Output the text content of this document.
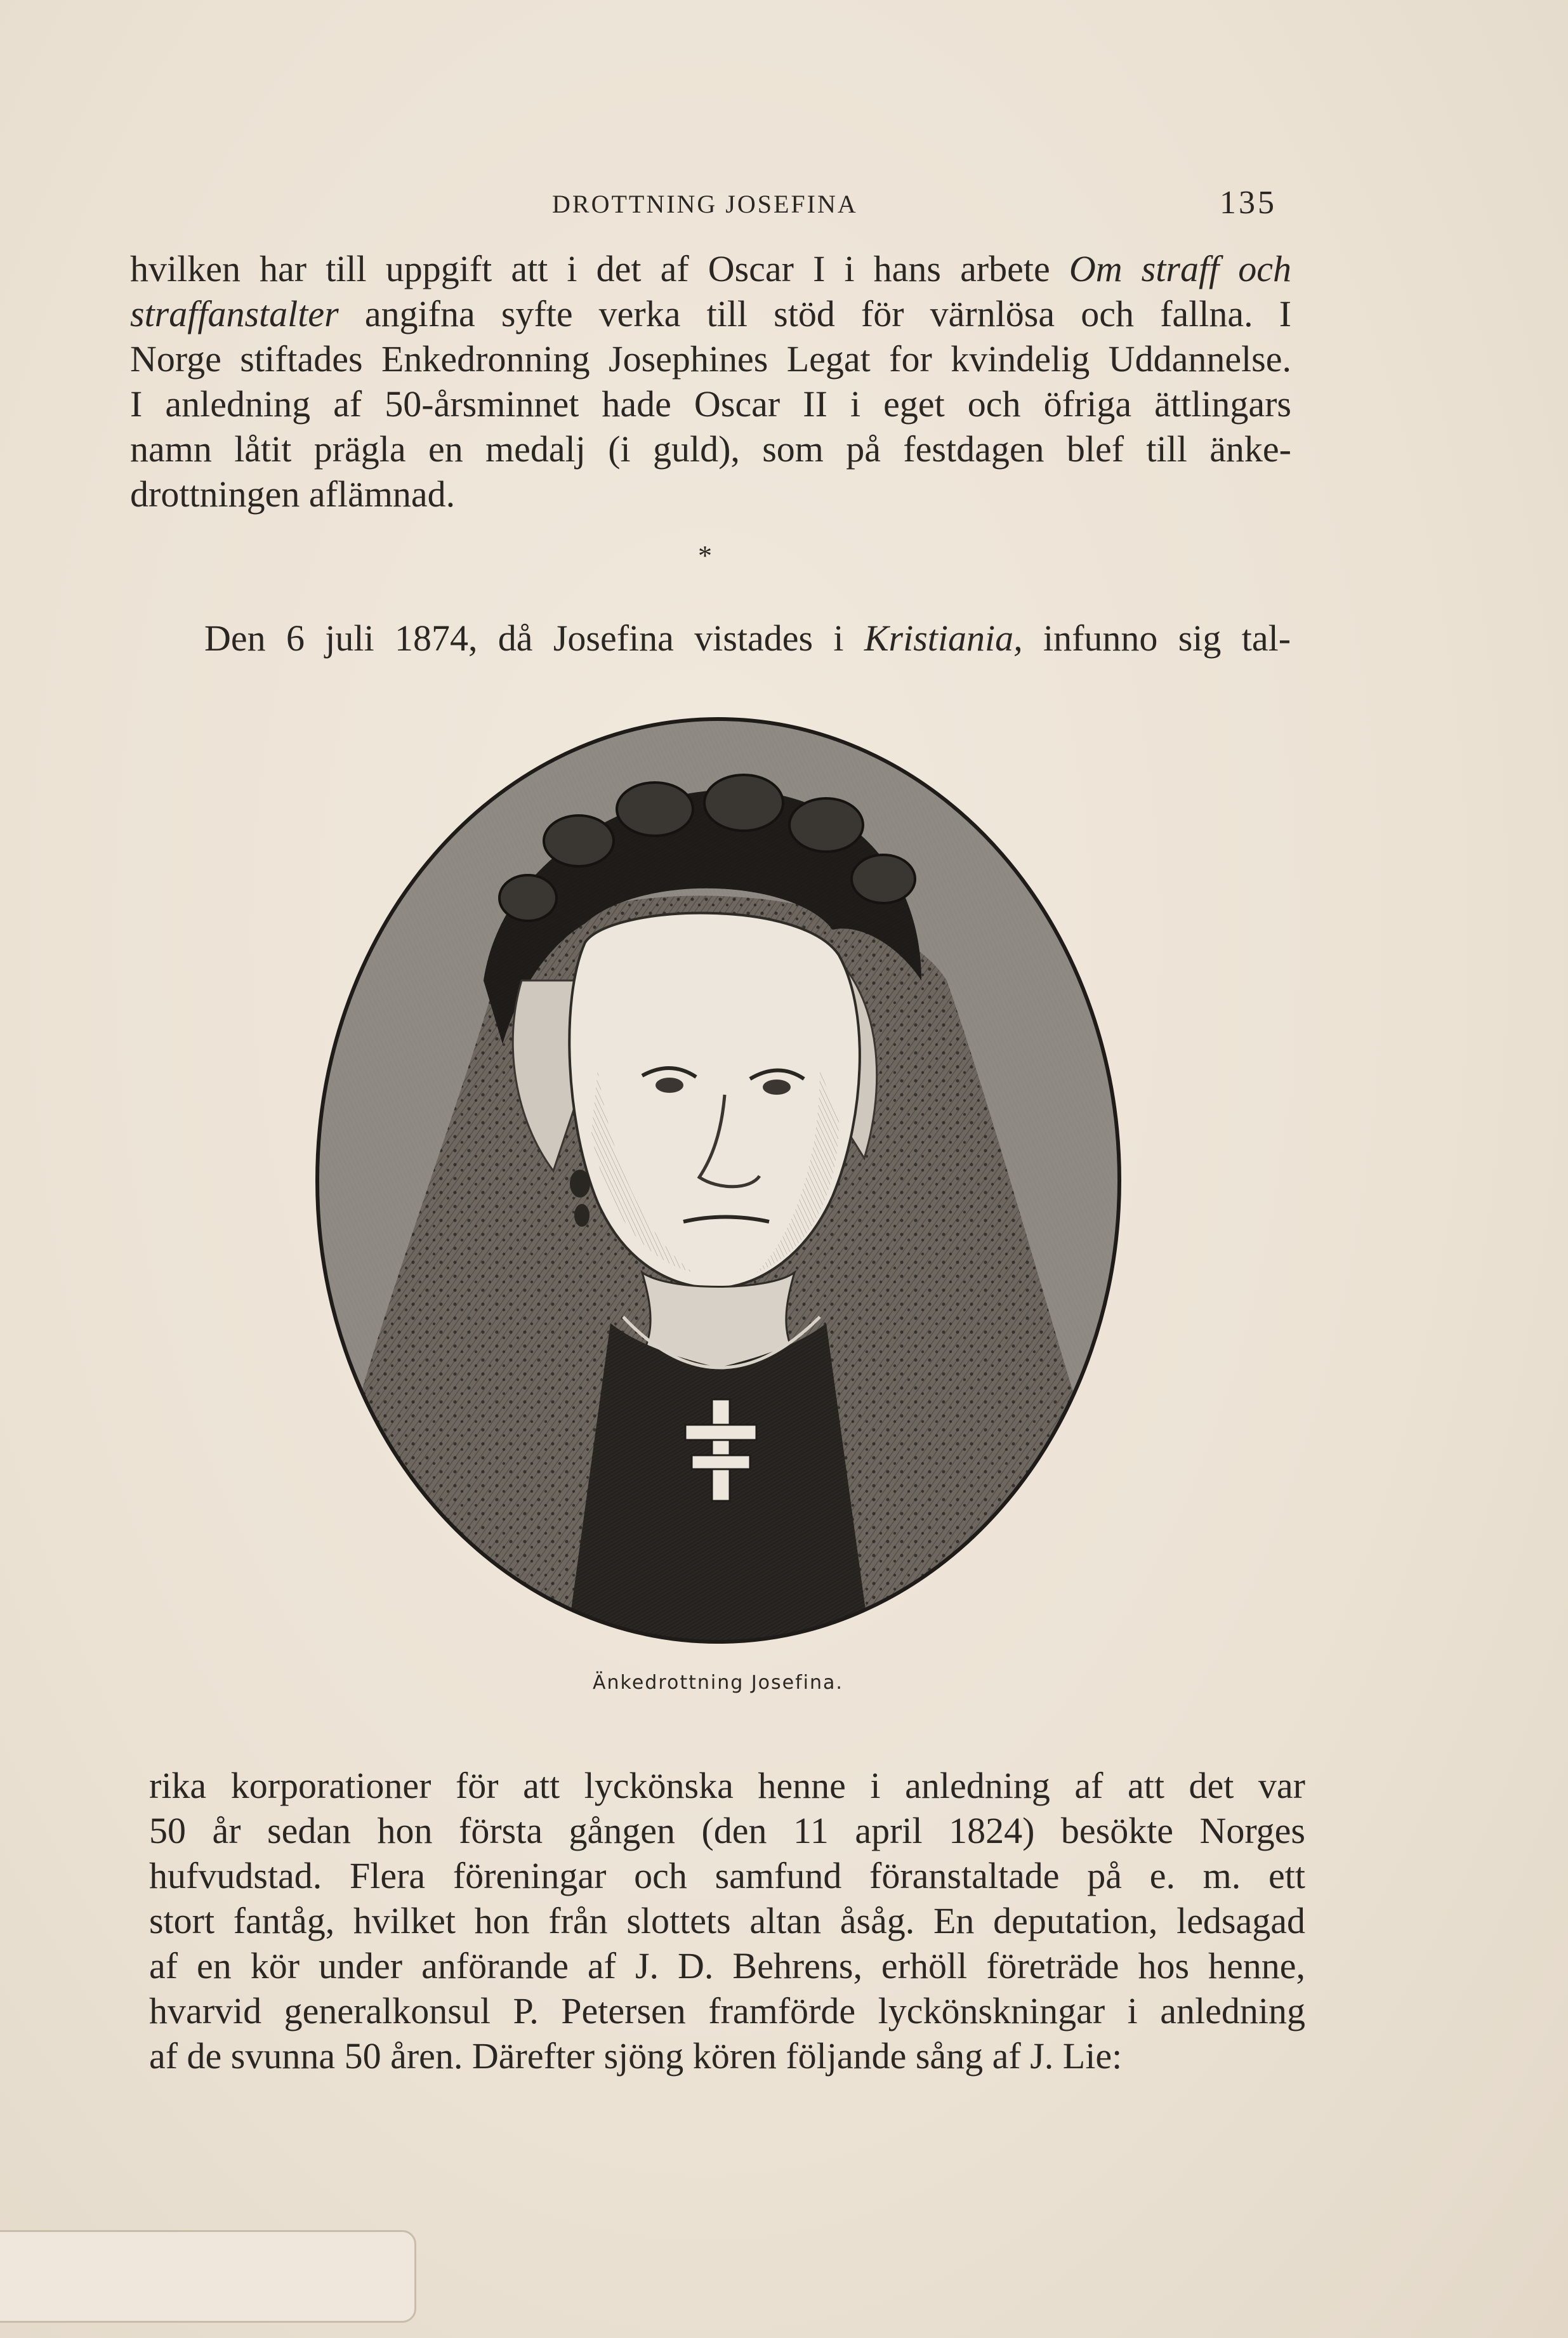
DROTTNING JOSEFINA	135
hvilken har till uppgift att i det af Oscar I i hans arbete Om straff och
straffanstalter angifna syfte verka till stöd för värnlösa och fallna. I
Norge stiftades Enkedronning Josephines Legat for kvindelig Uddannelse.
I anledning af 50-årsminnet hade Oscar II i eget och öfriga ättlingars
namn låtit prägla en medalj (i guld), som på festdagen blef till änke-
drottningen aflämnad.
*
Den 6 juli 1874, då Josefina vistades i Kristiania, infunno sig tal-
Änkedrottning Josefina.
rika korporationer för att lyckönska henne i anledning af att det var
50 år sedan hon första gången (den 11 april 1824) besökte Norges
hufvudstad. Flera föreningar och samfund föranstaltade på e. m. ett
stort fantåg, hvilket hon från slottets altan åsåg. En deputation, ledsagad
af en kör under anförande af J. D. Behrens, erhöll företräde hos henne,
hvarvid generalkonsul P. Petersen framförde lyckönskningar i anledning
af de svunna 50 åren. Därefter sjöng kören följande sång af J. Lie:
